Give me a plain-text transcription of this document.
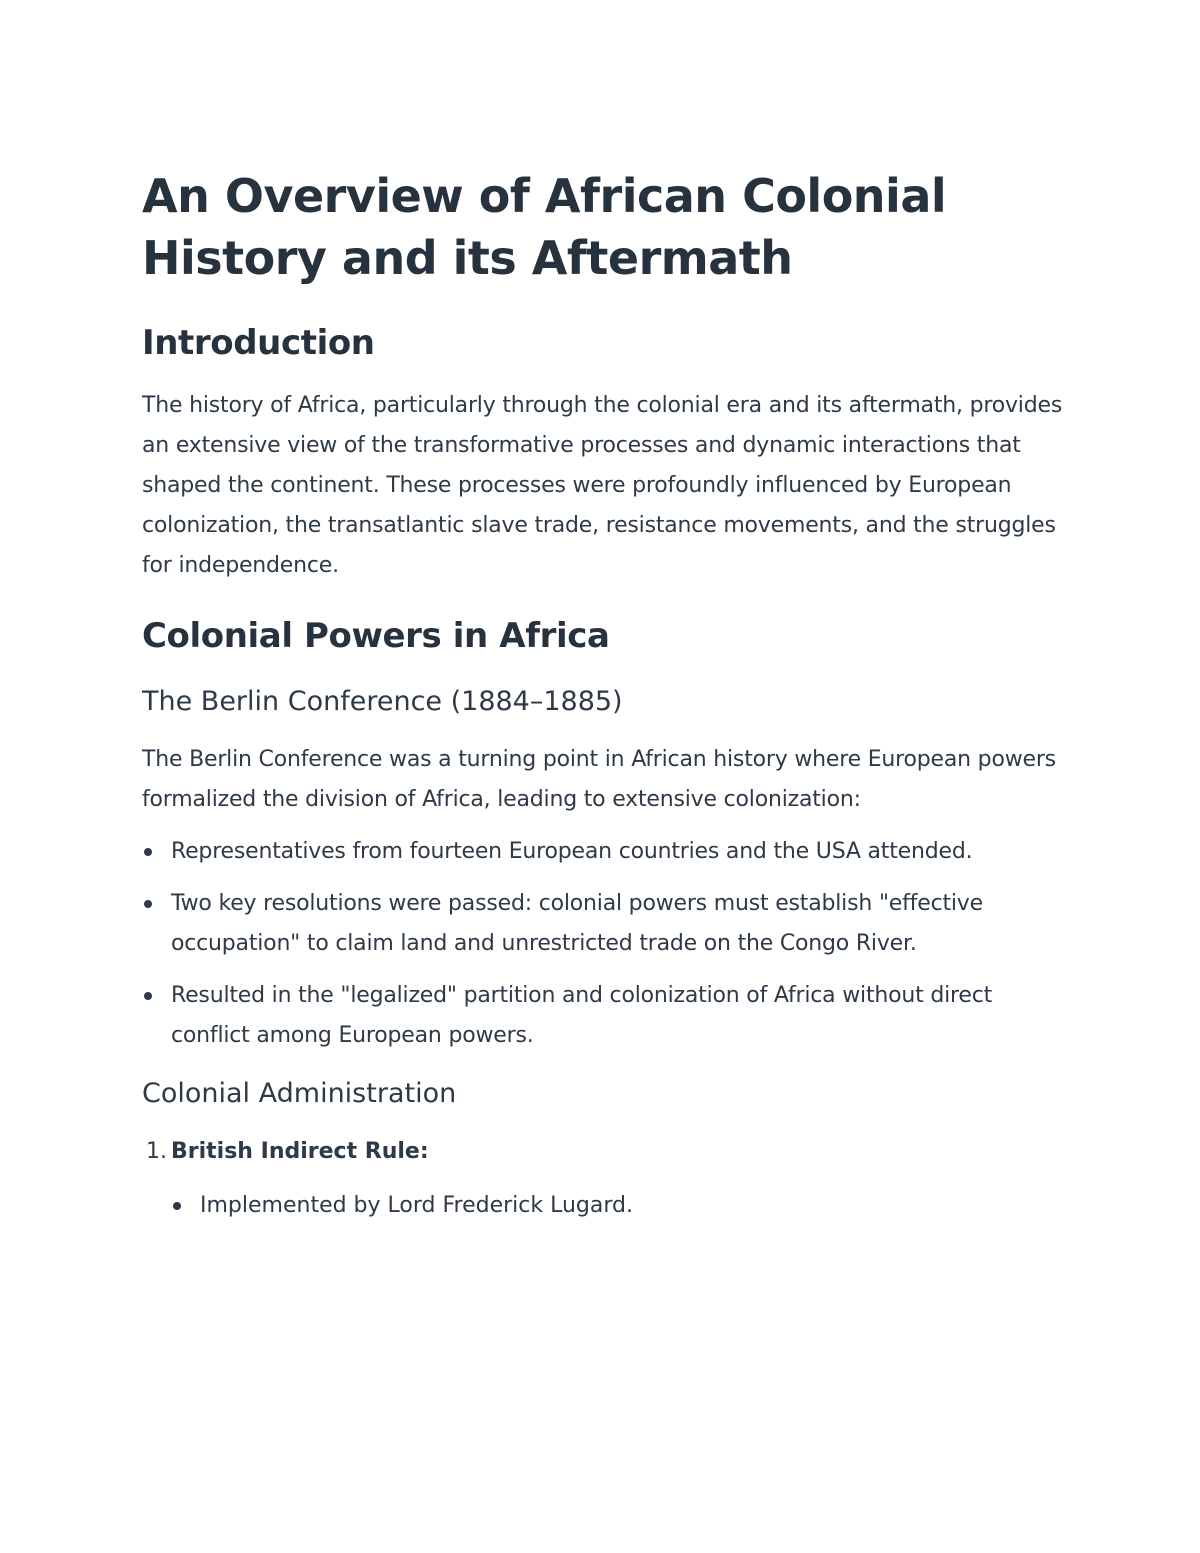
An Overview of African Colonial History and its Aftermath
Introduction

The history of Africa, particularly through the colonial era and its aftermath, provides an extensive view of the transformative processes and dynamic interactions that shaped the continent. These processes were profoundly influenced by European colonization, the transatlantic slave trade, resistance movements, and the struggles for independence.

Colonial Powers in Africa
The Berlin Conference (1884–1885)

The Berlin Conference was a turning point in African history where European powers formalized the division of Africa, leading to extensive colonization:

Representatives from fourteen European countries and the USA attended.
Two key resolutions were passed: colonial powers must establish "effective occupation" to claim land and unrestricted trade on the Congo River.
Resulted in the "legalized" partition and colonization of Africa without direct conflict among European powers.
Colonial Administration
1. British Indirect Rule:
Implemented by Lord Frederick Lugard.
